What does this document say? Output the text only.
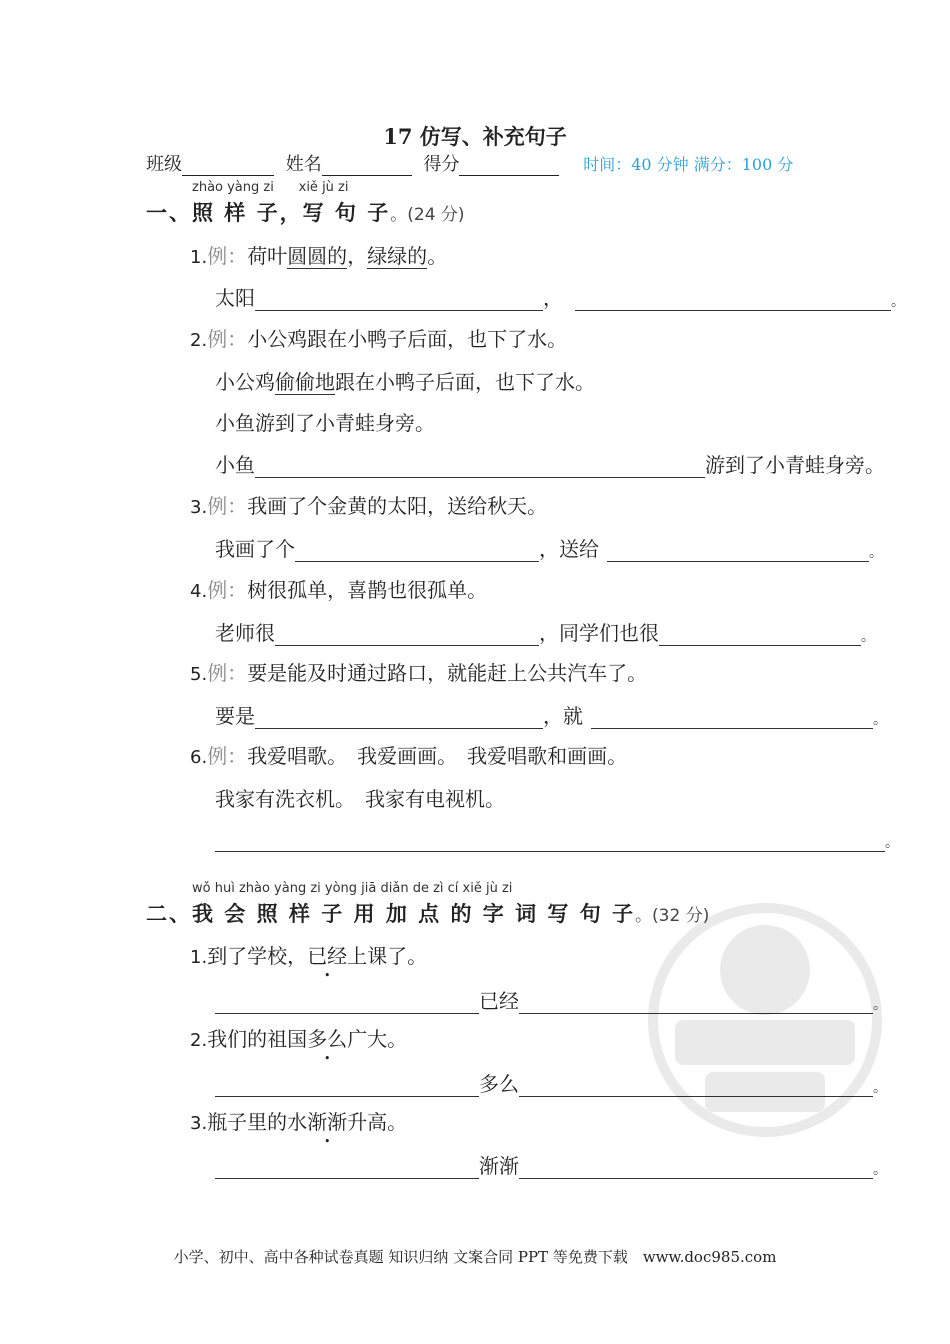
17 仿写、补充句子
班级	姓名	得分	时间：40 分钟 满分：100 分
zhào yàng zi      xiě jù zi
一、照 样 子，写 句 子。(24 分)
1.例：荷叶圆圆的，绿绿的。
太阳	，	。
2.例：小公鸡跟在小鸭子后面，也下了水。
小公鸡偷偷地跟在小鸭子后面，也下了水。
小鱼游到了小青蛙身旁。
小鱼	游到了小青蛙身旁。
3.例：我画了个金黄的太阳，送给秋天。
我画了个	，送给	。
4.例：树很孤单，喜鹊也很孤单。
老师很	，同学们也很	。
5.例：要是能及时通过路口，就能赶上公共汽车了。
要是	，就	。
6.例：我爱唱歌。　我爱画画。　我爱唱歌和画画。
我家有洗衣机。　我家有电视机。
。
wǒ huì zhào yàng zi yòng jiā diǎn de zì cí xiě jù zi
二、我 会 照 样 子 用 加 点 的 字 词 写 句 子。(32 分)
1.到了学校，已经上课了。
已经	。
2.我们的祖国多么广大。
多么	。
3.瓶子里的水渐渐升高。
渐渐	。
小学、初中、高中各种试卷真题 知识归纳 文案合同 PPT 等免费下载　www.doc985.com
